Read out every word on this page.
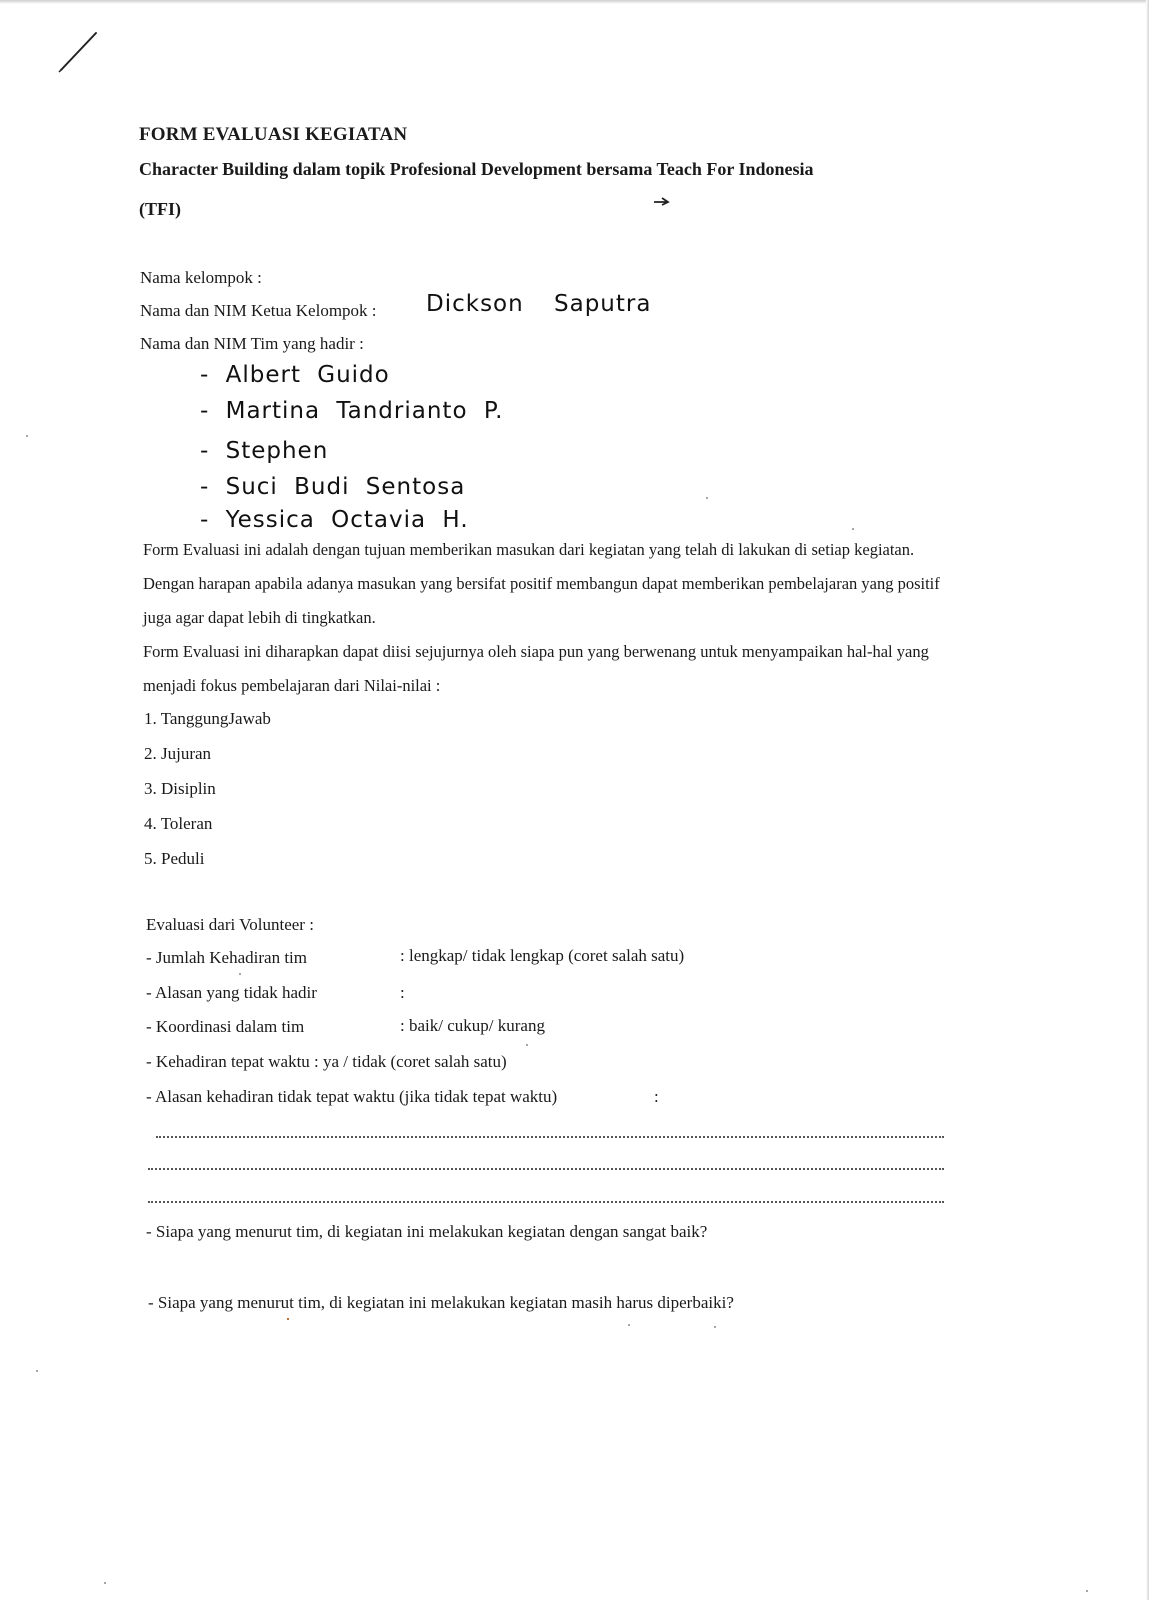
FORM EVALUASI KEGIATAN
Character Building dalam topik Profesional Development bersama Teach For Indonesia
(TFI)
Nama kelompok :
Nama dan NIM Ketua Kelompok : Dickson Saputra
Nama dan NIM Tim yang hadir :
- Albert Guido
- Martina Tandrianto P.
- Stephen
- Suci Budi Sentosa
- Yessica Octavia H.
Form Evaluasi ini adalah dengan tujuan memberikan masukan dari kegiatan yang telah di lakukan di setiap kegiatan. Dengan harapan apabila adanya masukan yang bersifat positif membangun dapat memberikan pembelajaran yang positif juga agar dapat lebih di tingkatkan.
Form Evaluasi ini diharapkan dapat diisi sejujurnya oleh siapa pun yang berwenang untuk menyampaikan hal-hal yang menjadi fokus pembelajaran dari Nilai-nilai :
1. TanggungJawab
2. Jujuran
3. Disiplin
4. Toleran
5. Peduli
Evaluasi dari Volunteer :
- Jumlah Kehadiran tim	: lengkap/ tidak lengkap (coret salah satu)
- Alasan yang tidak hadir	:
- Koordinasi dalam tim	: baik/ cukup/ kurang
- Kehadiran tepat waktu : ya / tidak (coret salah satu)
- Alasan kehadiran tidak tepat waktu (jika tidak tepat waktu)	:
- Siapa yang menurut tim, di kegiatan ini melakukan kegiatan dengan sangat baik?
- Siapa yang menurut tim, di kegiatan ini melakukan kegiatan masih harus diperbaiki?
